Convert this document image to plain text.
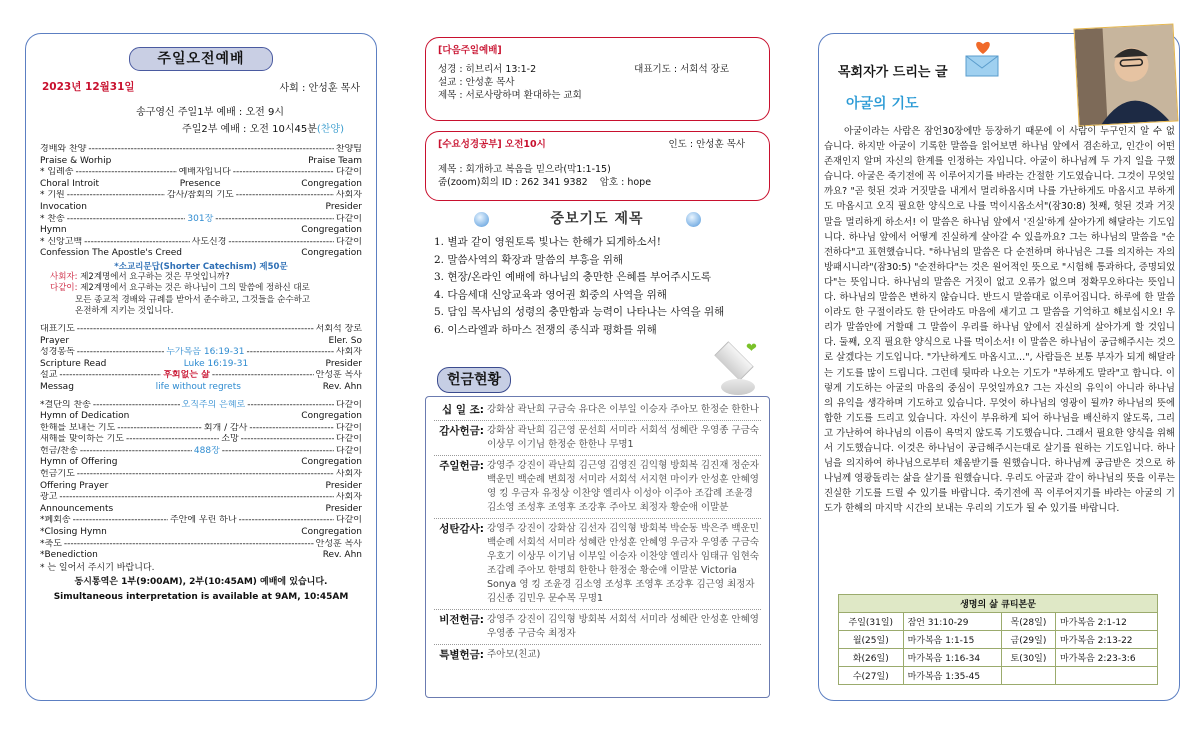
주일오전예배
2023년 12월31일	사회 : 안성훈 목사
송구영신 주일1부 예배 : 오전 9시
주일2부 예배 : 오전 10시45분(찬양)
경배와 찬양 -----	찬양팀
Praise & Worhip	Praise Team
* 입례송 -----	예배자입니다 -----	다같이
Choral Introit	Presence	Congregation
* 기원 -----	감사/참회의 기도 -----	사회자
Invocation	Presider
* 찬송 -----	301장 -----	다같이
Hymn	Congregation
* 신앙고백 -----	사도신경 -----	다같이
Confession The Apostle's Creed	Congregation
*소교리문답(Shorter Catechism) 제50문
사회자: 제2계명에서 요구하는 것은 무엇입니까?
다같이: 제2계명에서 요구하는 것은 하나님이 그의 말씀에 정하신 대로
모든 종교적 경배와 규례를 받아서 준수하고, 그것들을 순수하고
온전하게 지키는 것입니다.
대표기도 -----	서회석 장로
Prayer	Eler. So
성경봉독 -----	누가복음 16:19-31 -----	사회자
Scripture Read	Luke 16:19-31	Presider
설교 -----	후회없는 삶 -----	안성훈 목사
Messag	life without regrets	Rev. Ahn
*결단의 찬송 -----	오직주의 은혜로 -----	다같이
Hymn of Dedication	Congregation
한해를 보내는 기도 -----	회개 / 감사 -----	다같이
새해를 맞이하는 기도 -----	소망 -----	다같이
헌금/찬송 -----	488장 -----	다같이
Hymn of Offering	Congregation
헌금기도 -----	사회자
Offering Prayer	Presider
광고 -----	사회자
Announcements	Presider
*폐회송 -----	주안에 우린 하나 -----	다같이
*Closing Hymn	Congregation
*축도 -----	안성훈 목사
*Benediction	Rev. Ahn
* 는 일어서 주시기 바랍니다.
동시통역은 1부(9:00AM), 2부(10:45AM) 예배에 있습니다.
Simultaneous interpretation is available at 9AM, 10:45AM
[다음주일예배]
성경 : 히브리서 13:1-2	대표기도 : 서회석 장로
설교 : 안성훈 목사
제목 : 서로사랑하며 환대하는 교회
[수요성경공부] 오전10시	인도 : 안성훈 목사
제목 : 회개하고 복음을 믿으라(막1:1-15)
줌(zoom)회의 ID : 262 341 9382    암호 : hope
중보기도 제목
1. 별과 같이 영원토록 빛나는 한해가 되게하소서!
2. 말씀사역의 확장과 말씀의 부흥을 위해
3. 현장/온라인 예배에 하나님의 충만한 은혜를 부어주시도록
4. 다음세대 신앙교육과 영어권 회중의 사역을 위해
5. 담임 목사님의 성령의 충만함과 능력이 나타나는 사역을 위해
6. 이스라엘과 하마스 전쟁의 종식과 평화를 위해
❤
헌금현황
십 일 조: 강화삼 곽난희 구금숙 유다은 이부일 이승자 주아모 한정순 한한나
감사헌금: 강화삼 곽난희 김근영 문선희 서미라 서회석 성혜란 우영종 구금숙 이상무 이기님 한정순 한한나 무명1
주일헌금: 강영주 강진이 곽난희 김근영 김영진 김익형 방회복 김진재 정순자 백운민 백순례 변희정 서미라 서회석 서지현 마이카 안성훈 안혜영 영 킹 우금자 유정상 이찬양 엘리사 이성아 이주아 조갑례 조윤경 김소영 조성후 조영후 조강후 주아모 최정자 황순애 이말분
성탄감사: 강영주 강진이 강화삼 김선자 김익형 방회복 박순동 박은주 백운민 백순례 서회석 서미라 성혜란 안성훈 안혜영 우금자 우영종 구금숙 우호기 이상무 이기님 이부일 이승자 이찬양 엘리사 임태규 임현숙 조갑례 주아모 한명희 한한나 한정순 황순애 이말분 Victoria Sonya 영 킹 조윤경 김소영 조성후 조영후 조강후 김근영 최정자 김신종 김민우 문수목 무명1
비전헌금: 강영주 강진이 김익형 방회복 서회석 서미라 성혜란 안성훈 안혜영 우영종 구금숙 최정자
특별헌금: 주아모(친교)
목회자가 드리는 글
아굴의 기도
아굴이라는 사람은 잠언30장에만 등장하기 때문에 이 사람이 누구인지 알 수 없습니다. 하지만 아굴이 기록한 말씀을 읽어보면 하나님 앞에서 겸손하고, 인간이 어떤 존재인지 알며 자신의 한계를 인정하는 자입니다. 아굴이 하나님께 두 가지 일을 구했습니다. 아굴은 죽기전에 꼭 이루어지기를 바라는 간절한 기도였습니다. 그것이 무엇일까요? "곧 헛된 것과 거짓말을 내게서 멀리하옵시며 나를 가난하게도 마옵시고 부하게도 마옵시고 오직 필요한 양식으로 나를 먹이시옵소서"(잠30:8) 첫째, 헛된 것과 거짓말을 멀리하게 하소서! 이 말씀은 하나님 앞에서 '진실'하게 살아가게 해달라는 기도입니다. 하나님 앞에서 어떻게 진실하게 살아갈 수 있을까요? 그는 하나님의 말씀을 "순전하다"고 표현했습니다. "하나님의 말씀은 다 순전하며 하나님은 그를 의지하는 자의 방패시니라"(잠30:5) "순전하다"는 것은 원어적인 뜻으로 "시험해 통과하다, 증명되었다"는 뜻입니다. 하나님의 말씀은 거짓이 없고 오류가 없으며 정확무오하다는 뜻입니다. 하나님의 말씀은 변하지 않습니다. 반드시 말씀대로 이루어집니다. 하루에 한 말씀이라도 한 구절이라도 한 단어라도 마음에 새기고 그 말씀을 기억하고 해보십시오! 우리가 말씀안에 거할때 그 말씀이 우리를 하나님 앞에서 진실하게 살아가게 할 것입니다. 둘째, 오직 필요한 양식으로 나를 먹이소서! 이 말씀은 하나님이 공급해주시는 것으로 살겠다는 기도입니다. "가난하게도 마옵시고…", 사람들은 보통 부자가 되게 해달라는 기도를 많이 드립니다. 그런데 뒷따라 나오는 기도가 "부하게도 말라"고 합니다. 이렇게 기도하는 아굴의 마음의 중심이 무엇일까요? 그는 자신의 유익이 아니라 하나님의 유익을 생각하며 기도하고 있습니다. 무엇이 하나님의 영광이 될까? 하나님의 뜻에 합한 기도를 드리고 있습니다. 자신이 부유하게 되어 하나님을 배신하지 않도록, 그리고 가난하여 하나님의 이름이 욕먹지 않도록 기도했습니다. 그래서 필요한 양식을 위해서 기도했습니다. 이것은 하나님이 공급해주시는대로 살기를 원하는 기도입니다. 하나님을 의지하여 하나님으로부터 채움받기를 원했습니다. 하나님께 공급받은 것으로 하나님께 영광돌리는 삶을 살기를 원했습니다. 우리도 아굴과 같이 하나님의 뜻을 이루는 진실한 기도를 드릴 수 있기를 바랍니다. 죽기전에 꼭 이루어지기를 바라는 아굴의 기도가 한해의 마지막 시간의 보내는 우리의 기도가 될 수 있기를 바랍니다.
생명의 삶 큐티본문			
주일(31일)	잠언 31:10-29	목(28일)	마가복음 2:1-12
월(25일)	마가복음 1:1-15	금(29일)	마가복음 2:13-22
화(26일)	마가복음 1:16-34	토(30일)	마가복음 2:23-3:6
수(27일)	마가복음 1:35-45		
